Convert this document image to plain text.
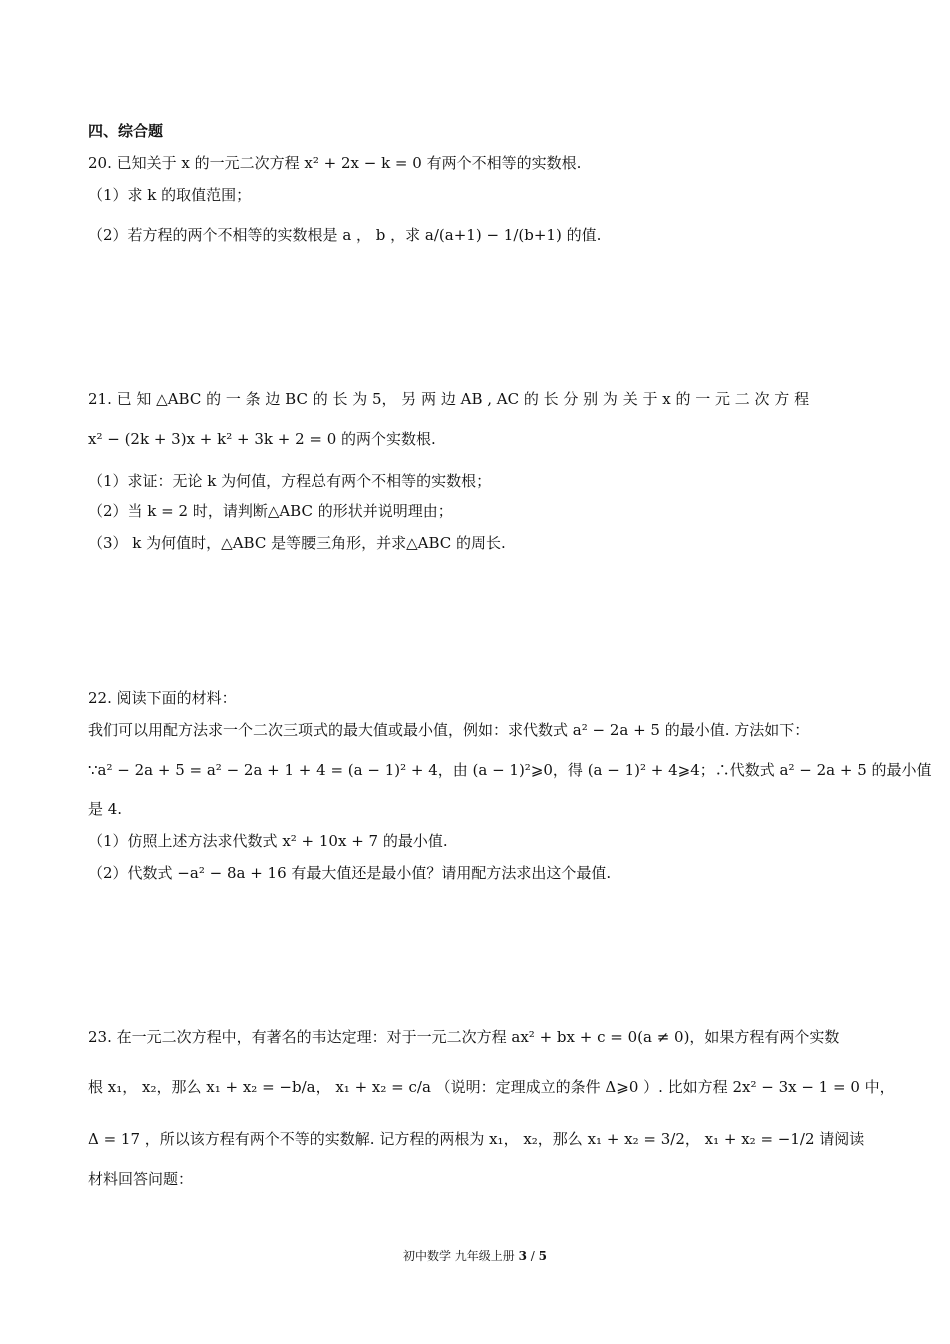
四、综合题
20. 已知关于 x 的一元二次方程 x² + 2x − k = 0 有两个不相等的实数根.
（1）求 k 的取值范围；
（2）若方程的两个不相等的实数根是 a ， b ，求 a/(a+1) − 1/(b+1) 的值.
21. 已 知 △ABC 的 一 条 边 BC 的 长 为 5， 另 两 边 AB , AC 的 长 分 别 为 关 于 x 的 一 元 二 次 方 程
x² − (2k + 3)x + k² + 3k + 2 = 0 的两个实数根.
（1）求证：无论 k 为何值，方程总有两个不相等的实数根；
（2）当 k = 2 时，请判断△ABC 的形状并说明理由；
（3） k 为何值时，△ABC 是等腰三角形，并求△ABC 的周长.
22. 阅读下面的材料：
我们可以用配方法求一个二次三项式的最大值或最小值，例如：求代数式 a² − 2a + 5 的最小值. 方法如下：
∵a² − 2a + 5 = a² − 2a + 1 + 4 = (a − 1)² + 4，由 (a − 1)²⩾0，得 (a − 1)² + 4⩾4；∴代数式 a² − 2a + 5 的最小值
是 4.
（1）仿照上述方法求代数式 x² + 10x + 7 的最小值.
（2）代数式 −a² − 8a + 16 有最大值还是最小值？请用配方法求出这个最值.
23. 在一元二次方程中，有著名的韦达定理：对于一元二次方程 ax² + bx + c = 0(a ≠ 0)，如果方程有两个实数
根 x₁， x₂，那么 x₁ + x₂ = −b/a， x₁ + x₂ = c/a （说明：定理成立的条件 Δ⩾0 ）. 比如方程 2x² − 3x − 1 = 0 中，
Δ = 17 ，所以该方程有两个不等的实数解. 记方程的两根为 x₁， x₂，那么 x₁ + x₂ = 3/2， x₁ + x₂ = −1/2 请阅读
材料回答问题：
初中数学 九年级上册 3 / 5
